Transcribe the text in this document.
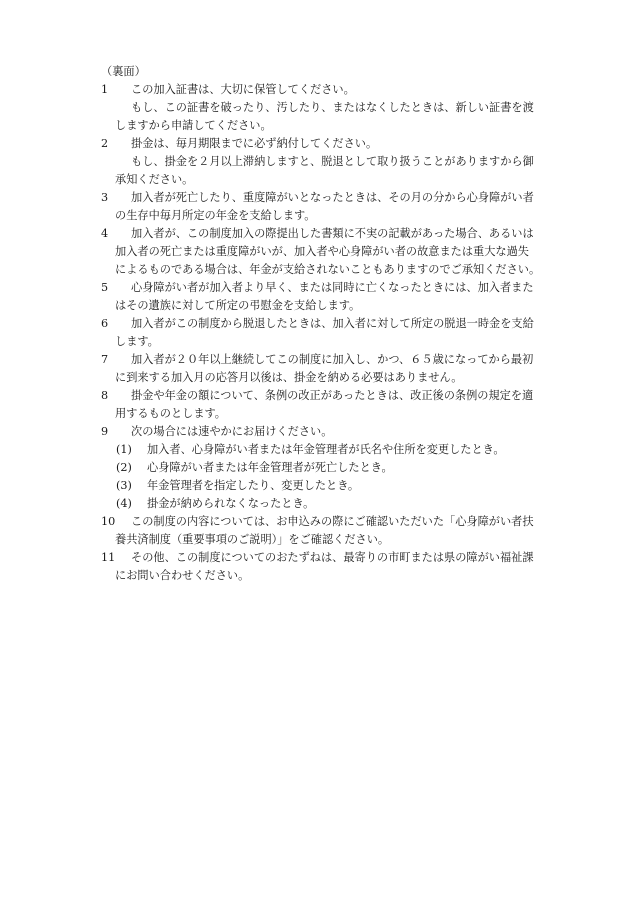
（裏面）
1	この加入証書は、大切に保管してください。
もし、この証書を破ったり、汚したり、またはなくしたときは、新しい証書を渡
しますから申請してください。
2	掛金は、毎月期限までに必ず納付してください。
もし、掛金を２月以上滞納しますと、脱退として取り扱うことがありますから御
承知ください。
3	加入者が死亡したり、重度障がいとなったときは、その月の分から心身障がい者
の生存中毎月所定の年金を支給します。
4	加入者が、この制度加入の際提出した書類に不実の記載があった場合、あるいは
加入者の死亡または重度障がいが、加入者や心身障がい者の故意または重大な過失
によるものである場合は、年金が支給されないこともありますのでご承知ください。
5	心身障がい者が加入者より早く、または同時に亡くなったときには、加入者また
はその遺族に対して所定の弔慰金を支給します。
6	加入者がこの制度から脱退したときは、加入者に対して所定の脱退一時金を支給
します。
7	加入者が２０年以上継続してこの制度に加入し、かつ、６５歳になってから最初
に到来する加入月の応答月以後は、掛金を納める必要はありません。
8	掛金や年金の額について、条例の改正があったときは、改正後の条例の規定を適
用するものとします。
9	次の場合には速やかにお届けください。
(1) 加入者、心身障がい者または年金管理者が氏名や住所を変更したとき。
(2) 心身障がい者または年金管理者が死亡したとき。
(3) 年金管理者を指定したり、変更したとき。
(4) 掛金が納められなくなったとき。
10	この制度の内容については、お申込みの際にご確認いただいた「心身障がい者扶
養共済制度（重要事項のご説明）」をご確認ください。
11	その他、この制度についてのおたずねは、最寄りの市町または県の障がい福祉課
にお問い合わせください。
